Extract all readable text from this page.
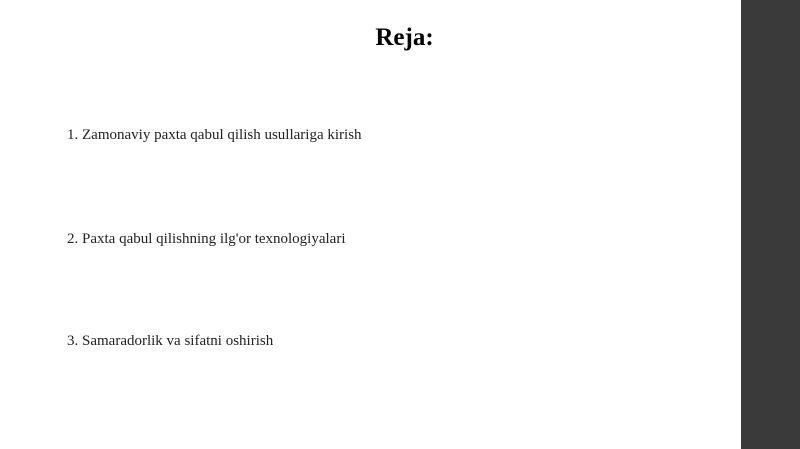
Reja:
1. Zamonaviy paxta qabul qilish usullariga kirish
2. Paxta qabul qilishning ilg'or texnologiyalari
3. Samaradorlik va sifatni oshirish
